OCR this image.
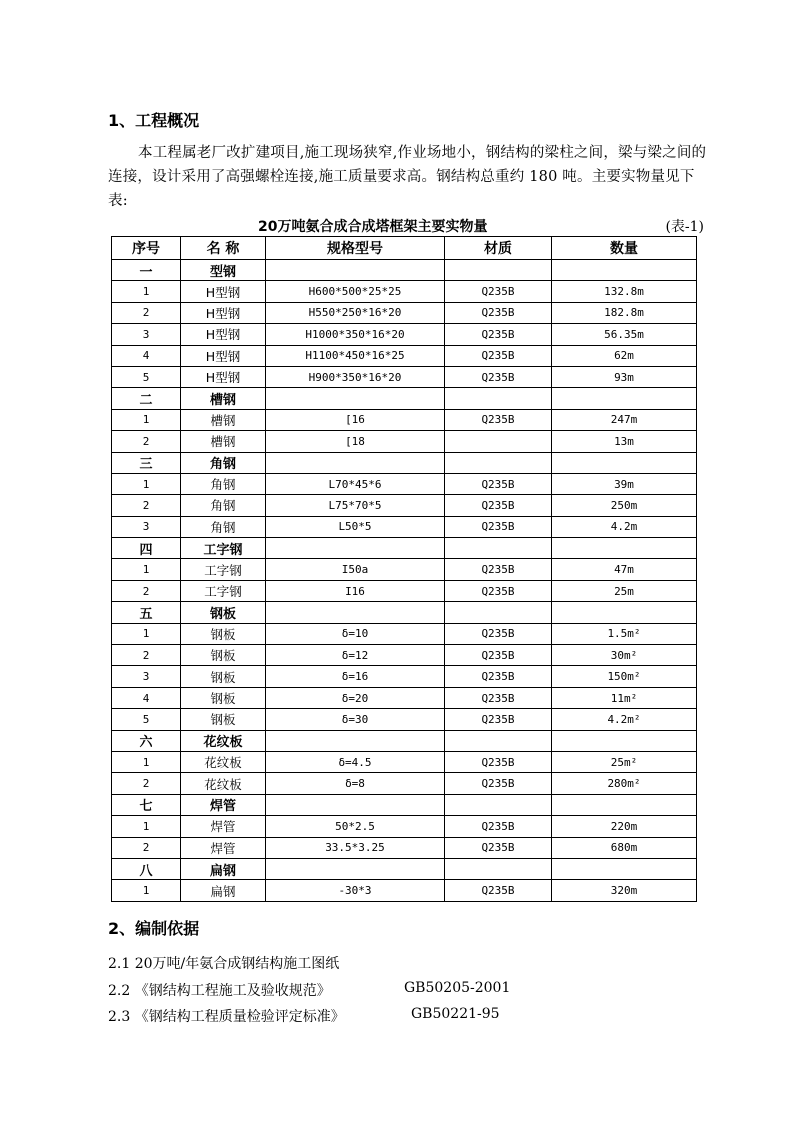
1、工程概况
本工程属老厂改扩建项目,施工现场狭窄,作业场地小，钢结构的梁柱之间，梁与梁之间的连接，设计采用了高强螺栓连接,施工质量要求高。钢结构总重约 180 吨。主要实物量见下表:
20万吨氨合成合成塔框架主要实物量	(表-1)
序号	名 称	规格型号	材质	数量
一	型钢			
1	H型钢	H600*500*25*25	Q235B	132.8m
2	H型钢	H550*250*16*20	Q235B	182.8m
3	H型钢	H1000*350*16*20	Q235B	56.35m
4	H型钢	H1100*450*16*25	Q235B	62m
5	H型钢	H900*350*16*20	Q235B	93m
二	槽钢			
1	槽钢	[16	Q235B	247m
2	槽钢	[18		13m
三	角钢			
1	角钢	L70*45*6	Q235B	39m
2	角钢	L75*70*5	Q235B	250m
3	角钢	L50*5	Q235B	4.2m
四	工字钢			
1	工字钢	I50a	Q235B	47m
2	工字钢	I16	Q235B	25m
五	钢板			
1	钢板	δ=10	Q235B	1.5m²
2	钢板	δ=12	Q235B	30m²
3	钢板	δ=16	Q235B	150m²
4	钢板	δ=20	Q235B	11m²
5	钢板	δ=30	Q235B	4.2m²
六	花纹板			
1	花纹板	δ=4.5	Q235B	25m²
2	花纹板	δ=8	Q235B	280m²
七	焊管			
1	焊管	50*2.5	Q235B	220m
2	焊管	33.5*3.25	Q235B	680m
八	扁钢			
1	扁钢	-30*3	Q235B	320m
2、编制依据
2.1 20万吨/年氨合成钢结构施工图纸
2.2 《钢结构工程施工及验收规范》	GB50205-2001
2.3 《钢结构工程质量检验评定标准》	GB50221-95
